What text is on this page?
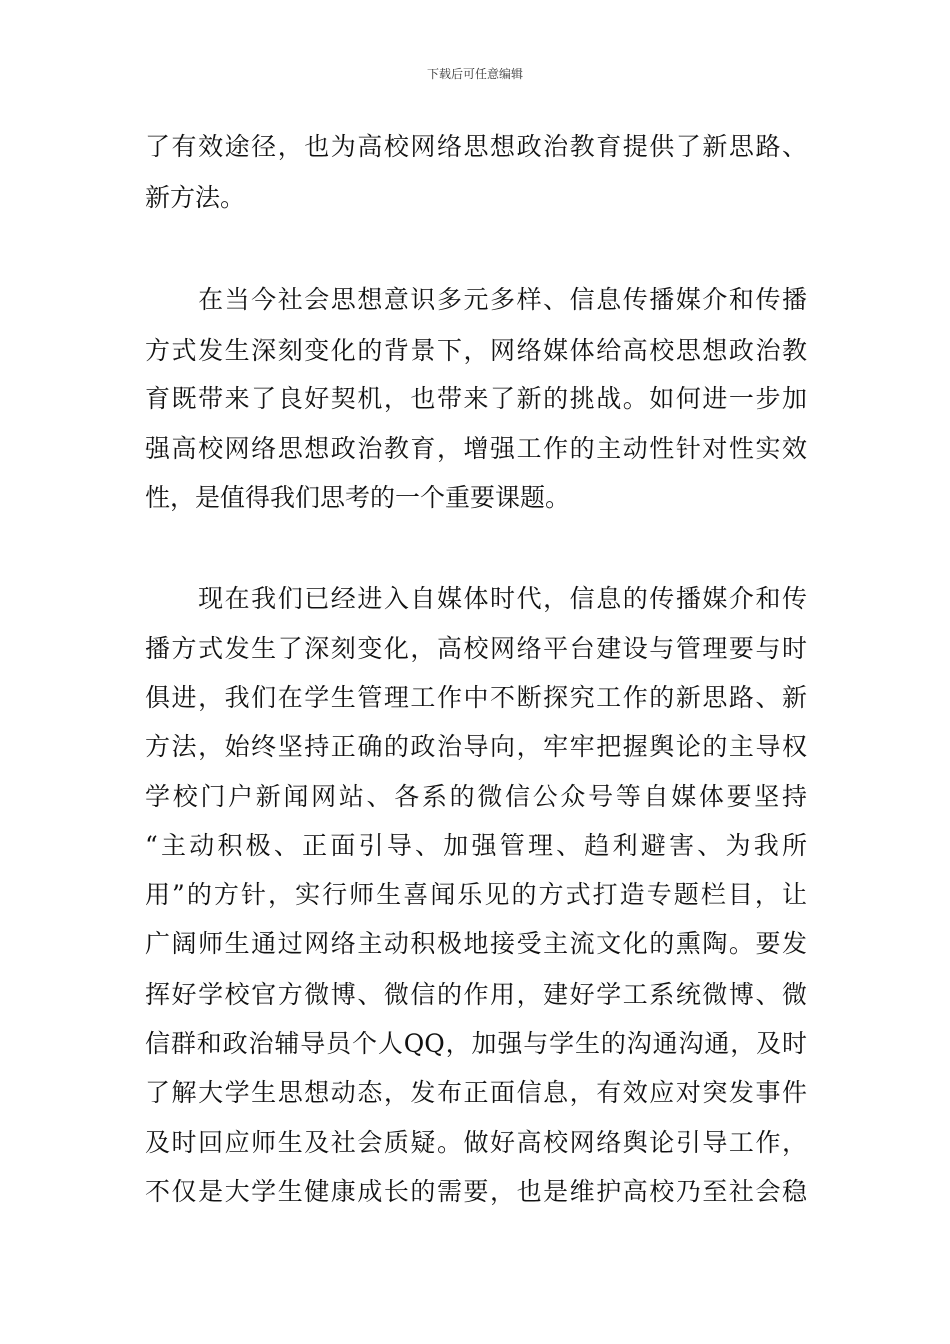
下载后可任意编辑
了有效途径，也为高校网络思想政治教育提供了新思路、
新方法。
　　在当今社会思想意识多元多样、信息传播媒介和传播
方式发生深刻变化的背景下，网络媒体给高校思想政治教
育既带来了良好契机，也带来了新的挑战。如何进一步加
强高校网络思想政治教育，增强工作的主动性针对性实效
性，是值得我们思考的一个重要课题。
　　现在我们已经进入自媒体时代，信息的传播媒介和传
播方式发生了深刻变化，高校网络平台建设与管理要与时
俱进，我们在学生管理工作中不断探究工作的新思路、新
方法，始终坚持正确的政治导向，牢牢把握舆论的主导权
学校门户新闻网站、各系的微信公众号等自媒体要坚持
“主动积极、正面引导、加强管理、趋利避害、为我所
用”的方针，实行师生喜闻乐见的方式打造专题栏目，让
广阔师生通过网络主动积极地接受主流文化的熏陶。要发
挥好学校官方微博、微信的作用，建好学工系统微博、微
信群和政治辅导员个人QQ，加强与学生的沟通沟通，及时
了解大学生思想动态，发布正面信息，有效应对突发事件
及时回应师生及社会质疑。做好高校网络舆论引导工作，
不仅是大学生健康成长的需要，也是维护高校乃至社会稳
